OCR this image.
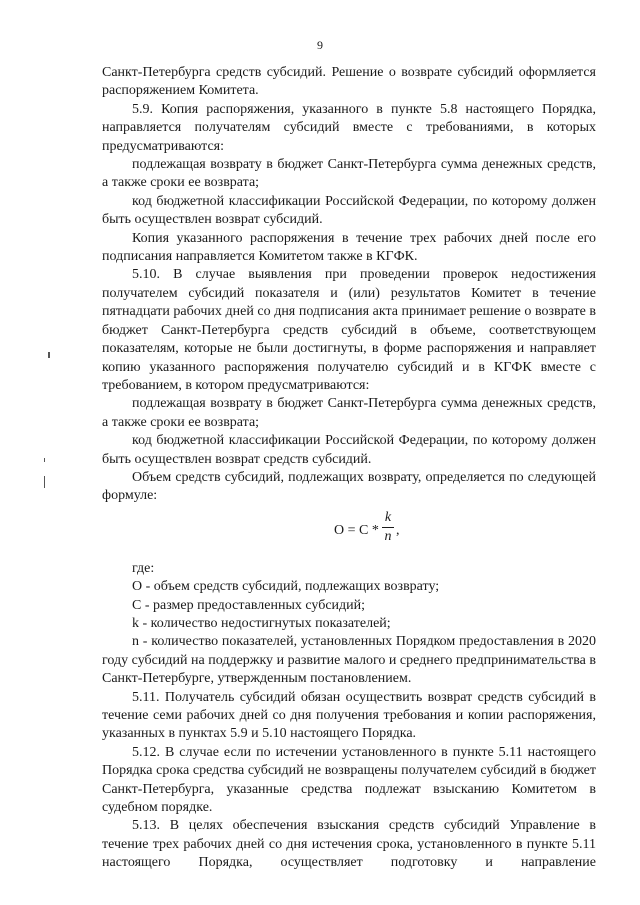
9

Санкт-Петербурга средств субсидий. Решение о возврате субсидий оформляется распоряжением Комитета.

5.9. Копия распоряжения, указанного в пункте 5.8 настоящего Порядка, направляется получателям субсидий вместе с требованиями, в которых предусматриваются:

подлежащая возврату в бюджет Санкт-Петербурга сумма денежных средств, а также сроки ее возврата;

код бюджетной классификации Российской Федерации, по которому должен быть осуществлен возврат субсидий.

Копия указанного распоряжения в течение трех рабочих дней после его подписания направляется Комитетом также в КГФК.

5.10. В случае выявления при проведении проверок недостижения получателем субсидий показателя и (или) результатов Комитет в течение пятнадцати рабочих дней со дня подписания акта принимает решение о возврате в бюджет Санкт-Петербурга средств субсидий в объеме, соответствующем показателям, которые не были достигнуты, в форме распоряжения и направляет копию указанного распоряжения получателю субсидий и в КГФК вместе с требованием, в котором предусматриваются:

подлежащая возврату в бюджет Санкт-Петербурга сумма денежных средств, а также сроки ее возврата;

код бюджетной классификации Российской Федерации, по которому должен быть осуществлен возврат средств субсидий.

Объем средств субсидий, подлежащих возврату, определяется по следующей формуле:

O = C *
k
n ,

где:

O - объем средств субсидий, подлежащих возврату;

C - размер предоставленных субсидий;

k - количество недостигнутых показателей;

n - количество показателей, установленных Порядком предоставления в 2020 году субсидий на поддержку и развитие малого и среднего предпринимательства в Санкт-Петербурге, утвержденным постановлением.

5.11. Получатель субсидий обязан осуществить возврат средств субсидий в течение семи рабочих дней со дня получения требования и копии распоряжения, указанных в пунктах 5.9 и 5.10 настоящего Порядка.

5.12. В случае если по истечении установленного в пункте 5.11 настоящего Порядка срока средства субсидий не возвращены получателем субсидий в бюджет Санкт-Петербурга, указанные средства подлежат взысканию Комитетом в судебном порядке.

5.13. В целях обеспечения взыскания средств субсидий Управление в течение трех рабочих дней со дня истечения срока, установленного в пункте 5.11 настоящего Порядка, осуществляет подготовку и направление
